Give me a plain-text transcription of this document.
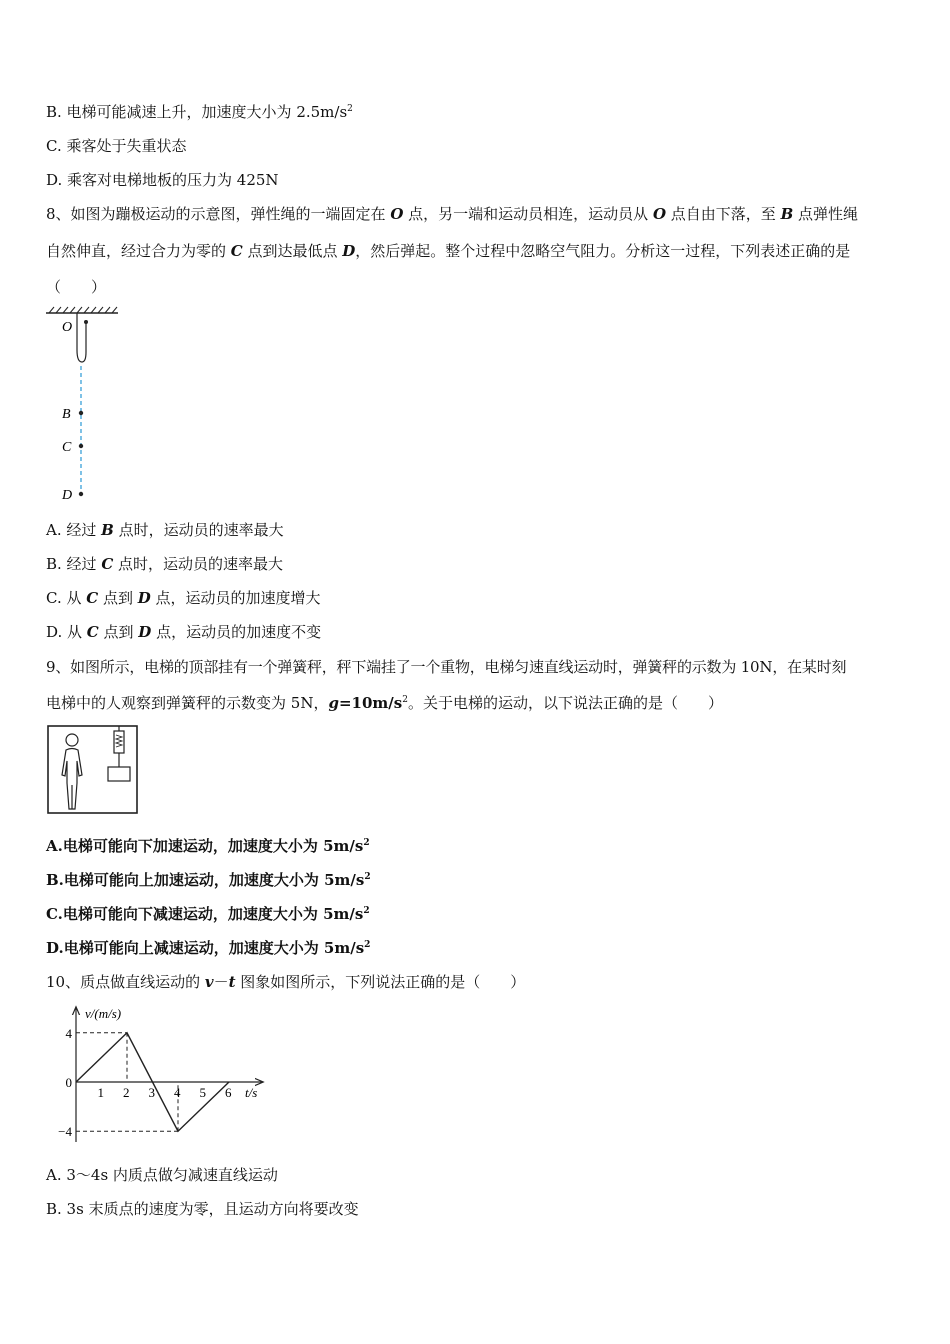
B. 电梯可能减速上升，加速度大小为 $2.5m/s^2$
C. 乘客处于失重状态
D. 乘客对电梯地板的压力为 425N
8、如图为蹦极运动的示意图，弹性绳的一端固定在 O 点，另一端和运动员相连，运动员从 O 点自由下落，至 B 点弹性绳
自然伸直，经过合力为零的 C 点到达最低点 D，然后弹起。整个过程中忽略空气阻力。分析这一过程，下列表述正确的是
（　　）
O
B
C
D
A. 经过 B 点时，运动员的速率最大
B. 经过 C 点时，运动员的速率最大
C. 从 C 点到 D 点，运动员的加速度增大
D. 从 C 点到 D 点，运动员的加速度不变
9、如图所示，电梯的顶部挂有一个弹簧秤，秤下端挂了一个重物，电梯匀速直线运动时，弹簧秤的示数为 10N，在某时刻
电梯中的人观察到弹簧秤的示数变为 5N，$g=10m/s^2$。关于电梯的运动，以下说法正确的是（　　）
A.电梯可能向下加速运动，加速度大小为 $5m/s^2$
B.电梯可能向上加速运动，加速度大小为 $5m/s^2$
C.电梯可能向下减速运动，加速度大小为 $5m/s^2$
D.电梯可能向上减速运动，加速度大小为 $5m/s^2$
10、质点做直线运动的 v－t 图象如图所示，下列说法正确的是（　　）
v/(m/s)
t/s
1 2 3 4 5 6
4
0
−4
A. 3～4s 内质点做匀减速直线运动
B. 3s 末质点的速度为零，且运动方向将要改变
